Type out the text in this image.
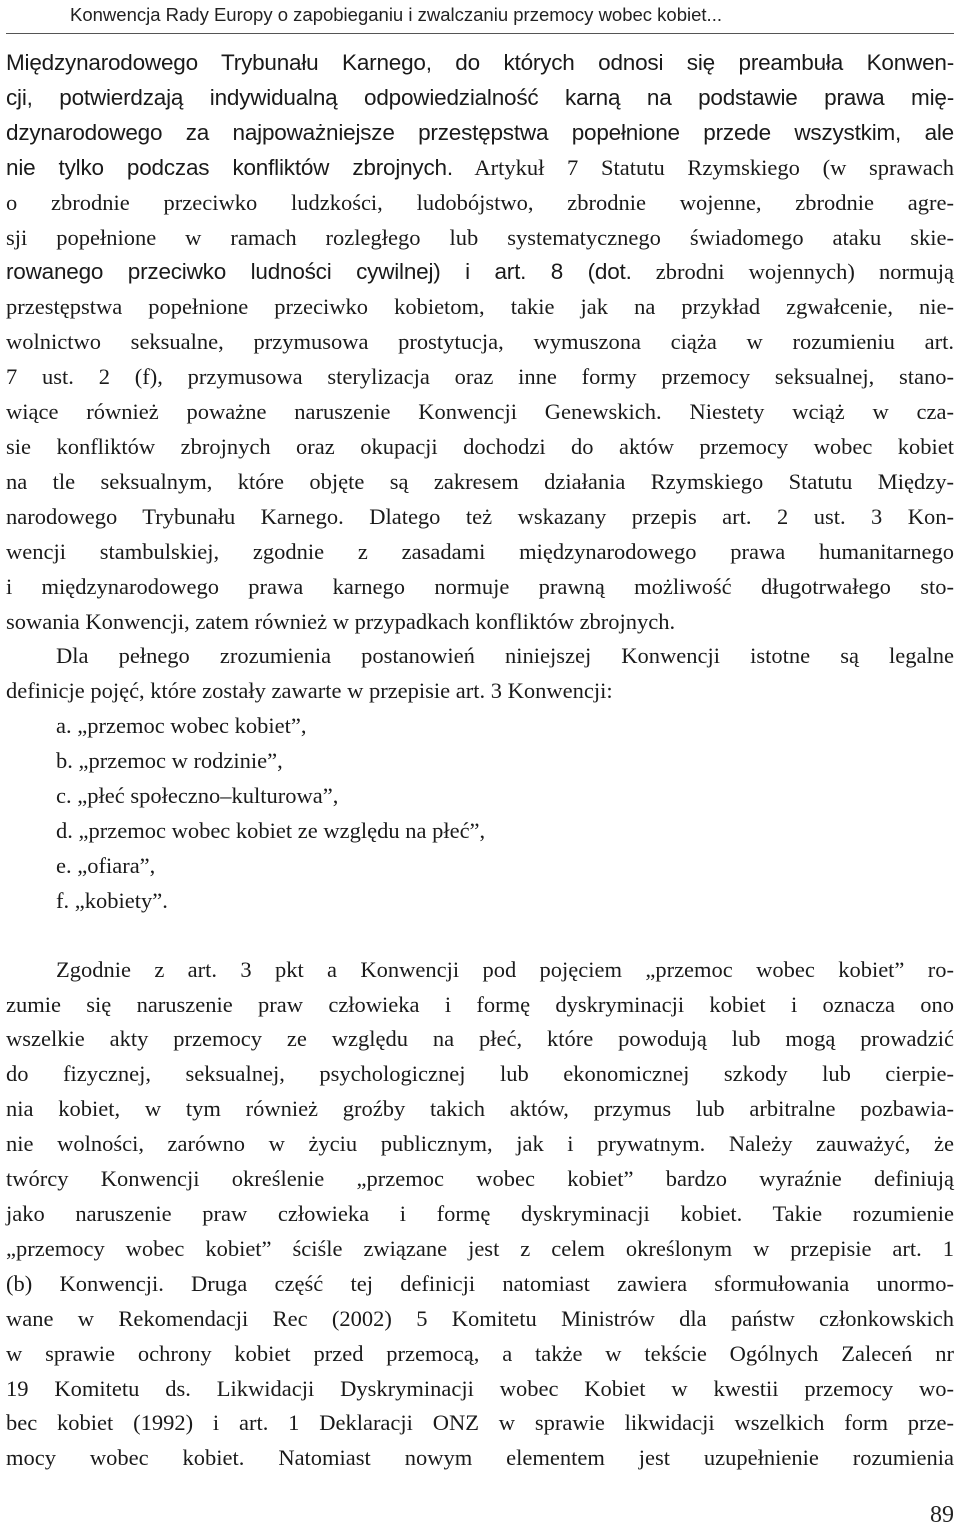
Konwencja Rady Europy o zapobieganiu i zwalczaniu przemocy wobec kobiet...
Międzynarodowego Trybunału Karnego, do których odnosi się preambuła Konwen-
cji, potwierdzają indywidualną odpowiedzialność karną na podstawie prawa mię-
dzynarodowego za najpoważniejsze przestępstwa popełnione przede wszystkim, ale
nie tylko podczas konfliktów zbrojnych. Artykuł 7 Statutu Rzymskiego (w sprawach
o zbrodnie przeciwko ludzkości, ludobójstwo, zbrodnie wojenne, zbrodnie agre-
sji popełnione w ramach rozległego lub systematycznego świadomego ataku skie-
rowanego przeciwko ludności cywilnej) i art. 8 (dot. zbrodni wojennych) normują
przestępstwa popełnione przeciwko kobietom, takie jak na przykład zgwałcenie, nie-
wolnictwo seksualne, przymusowa prostytucja, wymuszona ciąża w rozumieniu art.
7 ust. 2 (f), przymusowa sterylizacja oraz inne formy przemocy seksualnej, stano-
wiące również poważne naruszenie Konwencji Genewskich. Niestety wciąż w cza-
sie konfliktów zbrojnych oraz okupacji dochodzi do aktów przemocy wobec kobiet
na tle seksualnym, które objęte są zakresem działania Rzymskiego Statutu Między-
narodowego Trybunału Karnego. Dlatego też wskazany przepis art. 2 ust. 3 Kon-
wencji stambulskiej, zgodnie z zasadami międzynarodowego prawa humanitarnego
i międzynarodowego prawa karnego normuje prawną możliwość długotrwałego sto-
sowania Konwencji, zatem również w przypadkach konfliktów zbrojnych.
Dla pełnego zrozumienia postanowień niniejszej Konwencji istotne są legalne
definicje pojęć, które zostały zawarte w przepisie art. 3 Konwencji:
a. „przemoc wobec kobiet”,
b. „przemoc w rodzinie”,
c. „płeć społeczno–kulturowa”,
d. „przemoc wobec kobiet ze względu na płeć”,
e. „ofiara”,
f. „kobiety”.
Zgodnie z art. 3 pkt a Konwencji pod pojęciem „przemoc wobec kobiet” ro-
zumie się naruszenie praw człowieka i formę dyskryminacji kobiet i oznacza ono
wszelkie akty przemocy ze względu na płeć, które powodują lub mogą prowadzić
do fizycznej, seksualnej, psychologicznej lub ekonomicznej szkody lub cierpie-
nia kobiet, w tym również groźby takich aktów, przymus lub arbitralne pozbawia-
nie wolności, zarówno w życiu publicznym, jak i prywatnym. Należy zauważyć, że
twórcy Konwencji określenie „przemoc wobec kobiet” bardzo wyraźnie definiują
jako naruszenie praw człowieka i formę dyskryminacji kobiet. Takie rozumienie
„przemocy wobec kobiet” ściśle związane jest z celem określonym w przepisie art. 1
(b) Konwencji. Druga część tej definicji natomiast zawiera sformułowania unormo-
wane w Rekomendacji Rec (2002) 5 Komitetu Ministrów dla państw członkowskich
w sprawie ochrony kobiet przed przemocą, a także w tekście Ogólnych Zaleceń nr
19 Komitetu ds. Likwidacji Dyskryminacji wobec Kobiet w kwestii przemocy wo-
bec kobiet (1992) i art. 1 Deklaracji ONZ w sprawie likwidacji wszelkich form prze-
mocy wobec kobiet. Natomiast nowym elementem jest uzupełnienie rozumienia
89
